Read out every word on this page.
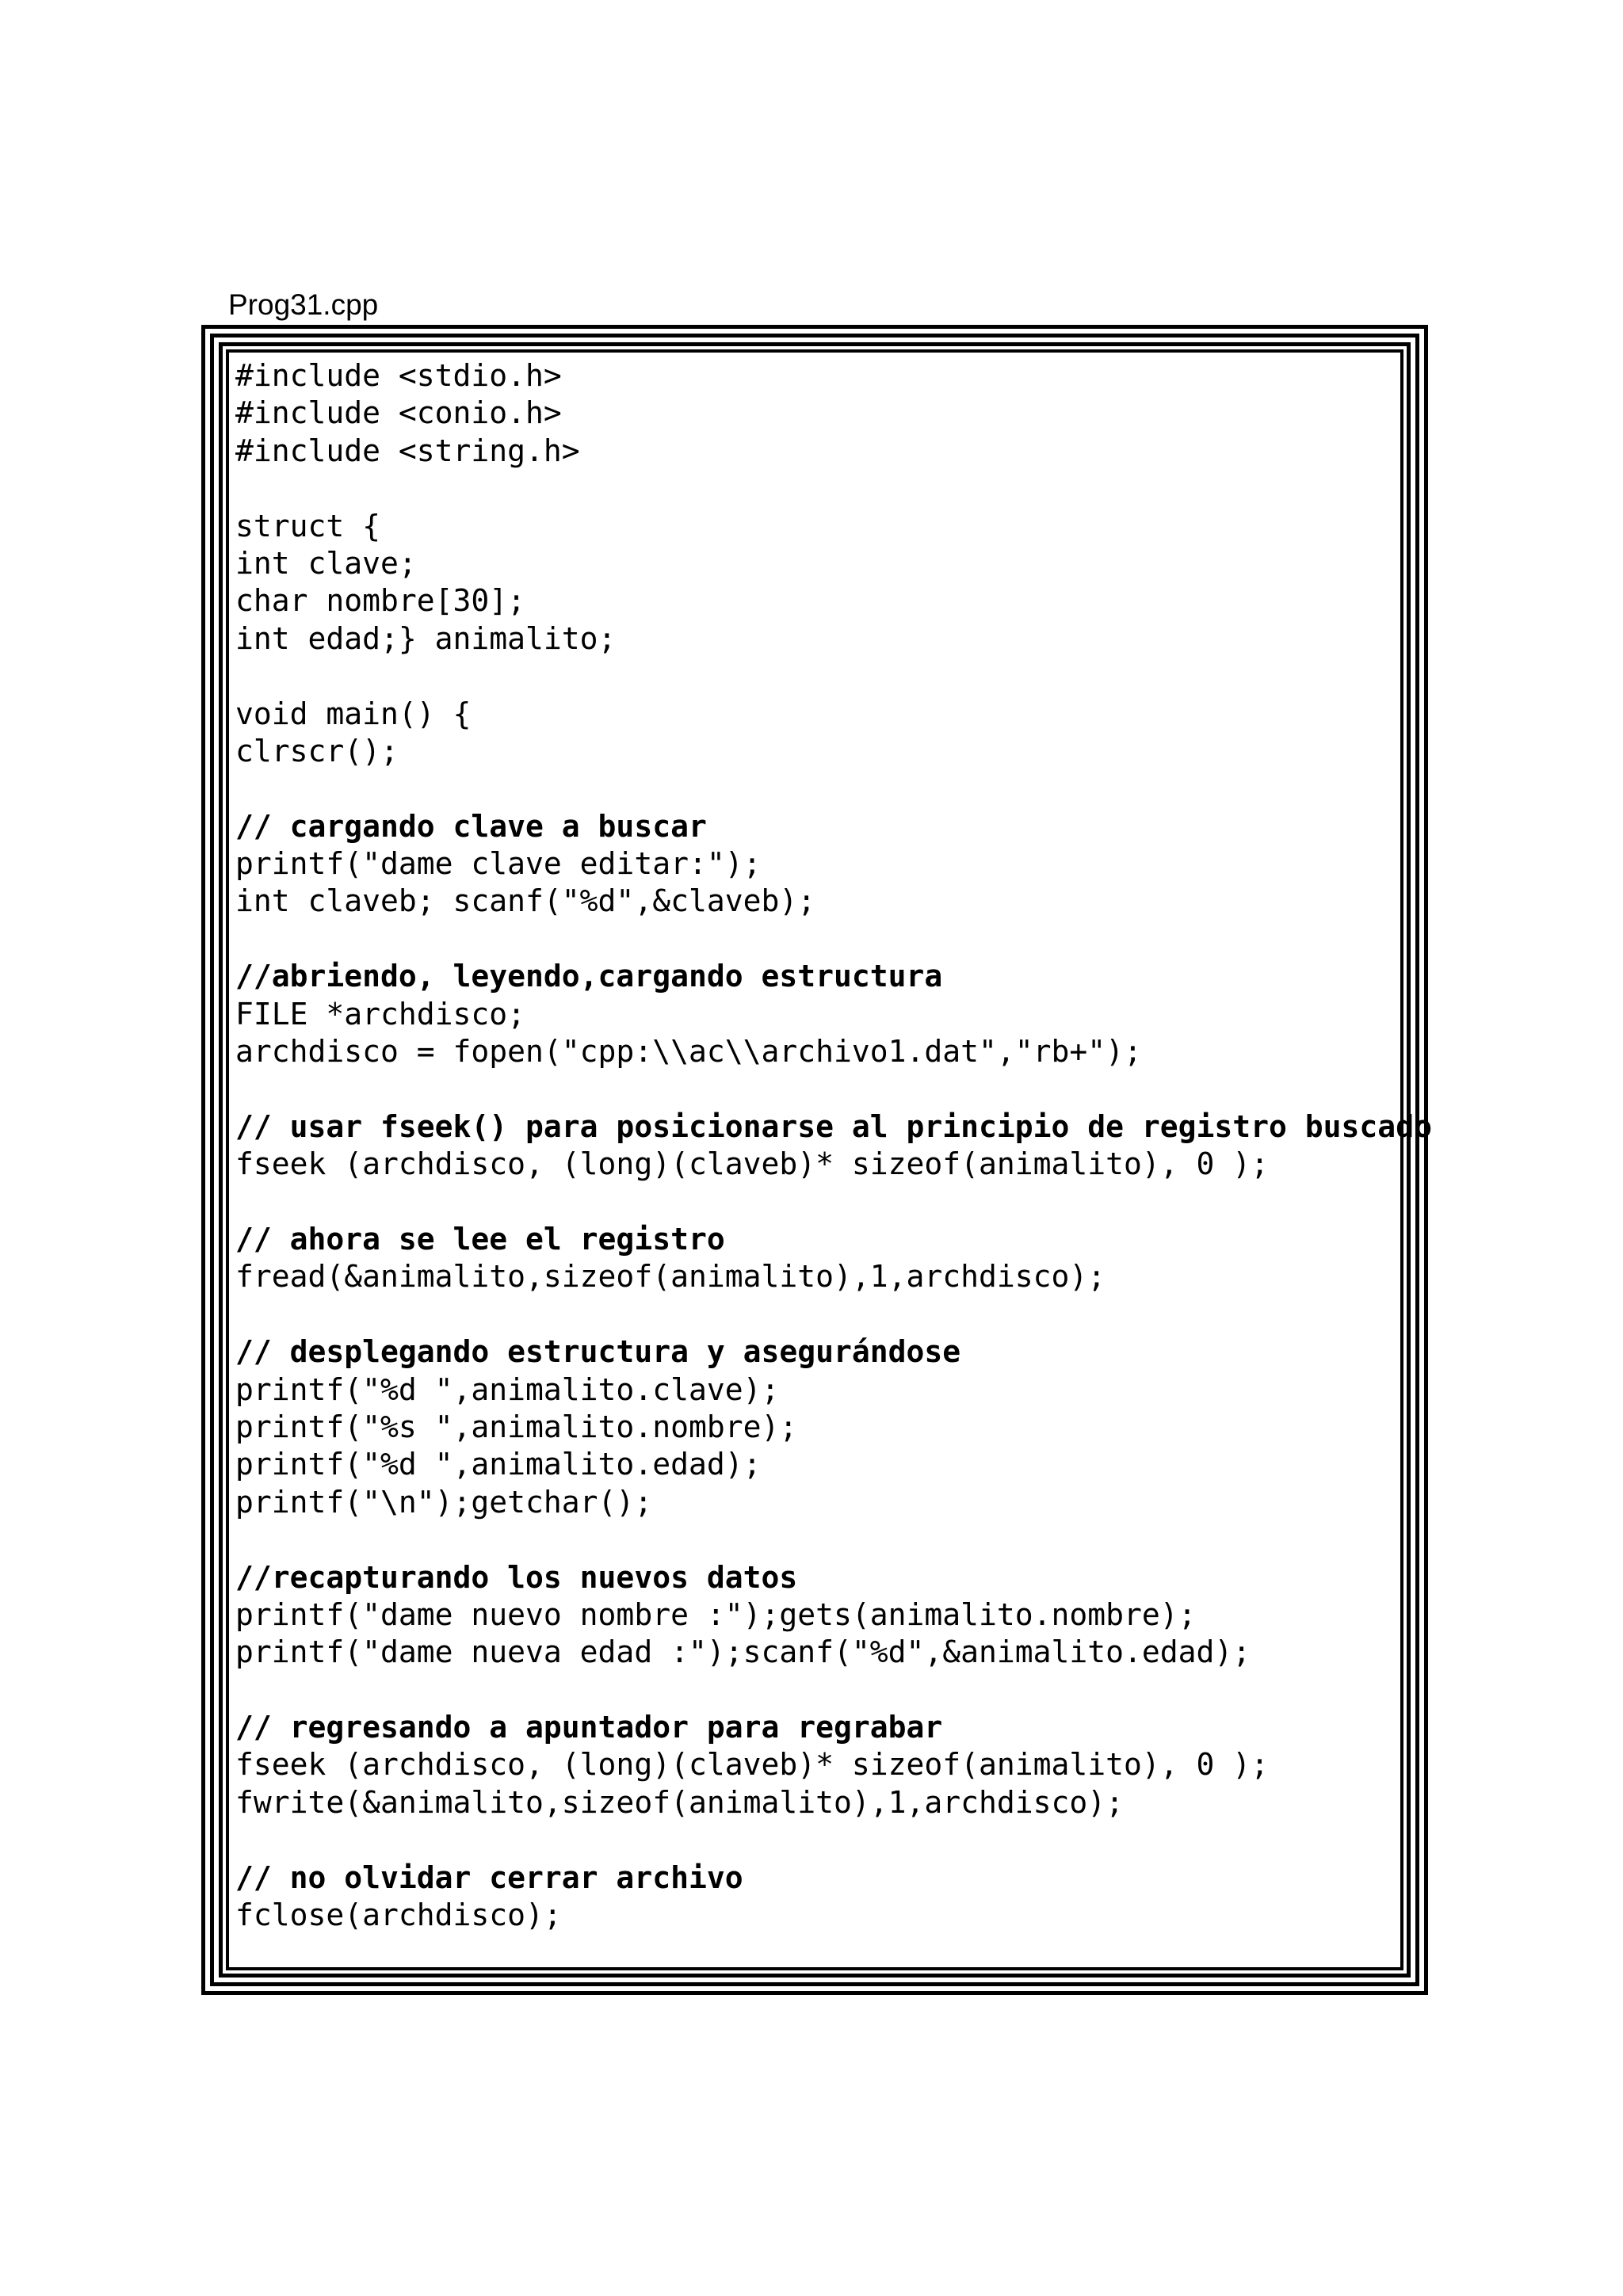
Prog31.cpp
#include <stdio.h>
#include <conio.h>
#include <string.h>
struct {
int clave;
char nombre[30];
int edad;} animalito;
void main() {
clrscr();
// cargando clave a buscar
printf("dame clave editar:");
int claveb; scanf("%d",&claveb);
//abriendo, leyendo,cargando estructura
FILE *archdisco;
archdisco = fopen("cpp:\\ac\\archivo1.dat","rb+");
// usar fseek() para posicionarse al principio de registro buscado
fseek (archdisco, (long)(claveb)* sizeof(animalito), 0 );
// ahora se lee el registro
fread(&animalito,sizeof(animalito),1,archdisco);
// desplegando estructura y asegurándose
printf("%d ",animalito.clave);
printf("%s ",animalito.nombre);
printf("%d ",animalito.edad);
printf("\n");getchar();
//recapturando los nuevos datos
printf("dame nuevo nombre :");gets(animalito.nombre);
printf("dame nueva edad :");scanf("%d",&animalito.edad);
// regresando a apuntador para regrabar
fseek (archdisco, (long)(claveb)* sizeof(animalito), 0 );
fwrite(&animalito,sizeof(animalito),1,archdisco);
// no olvidar cerrar archivo
fclose(archdisco);
